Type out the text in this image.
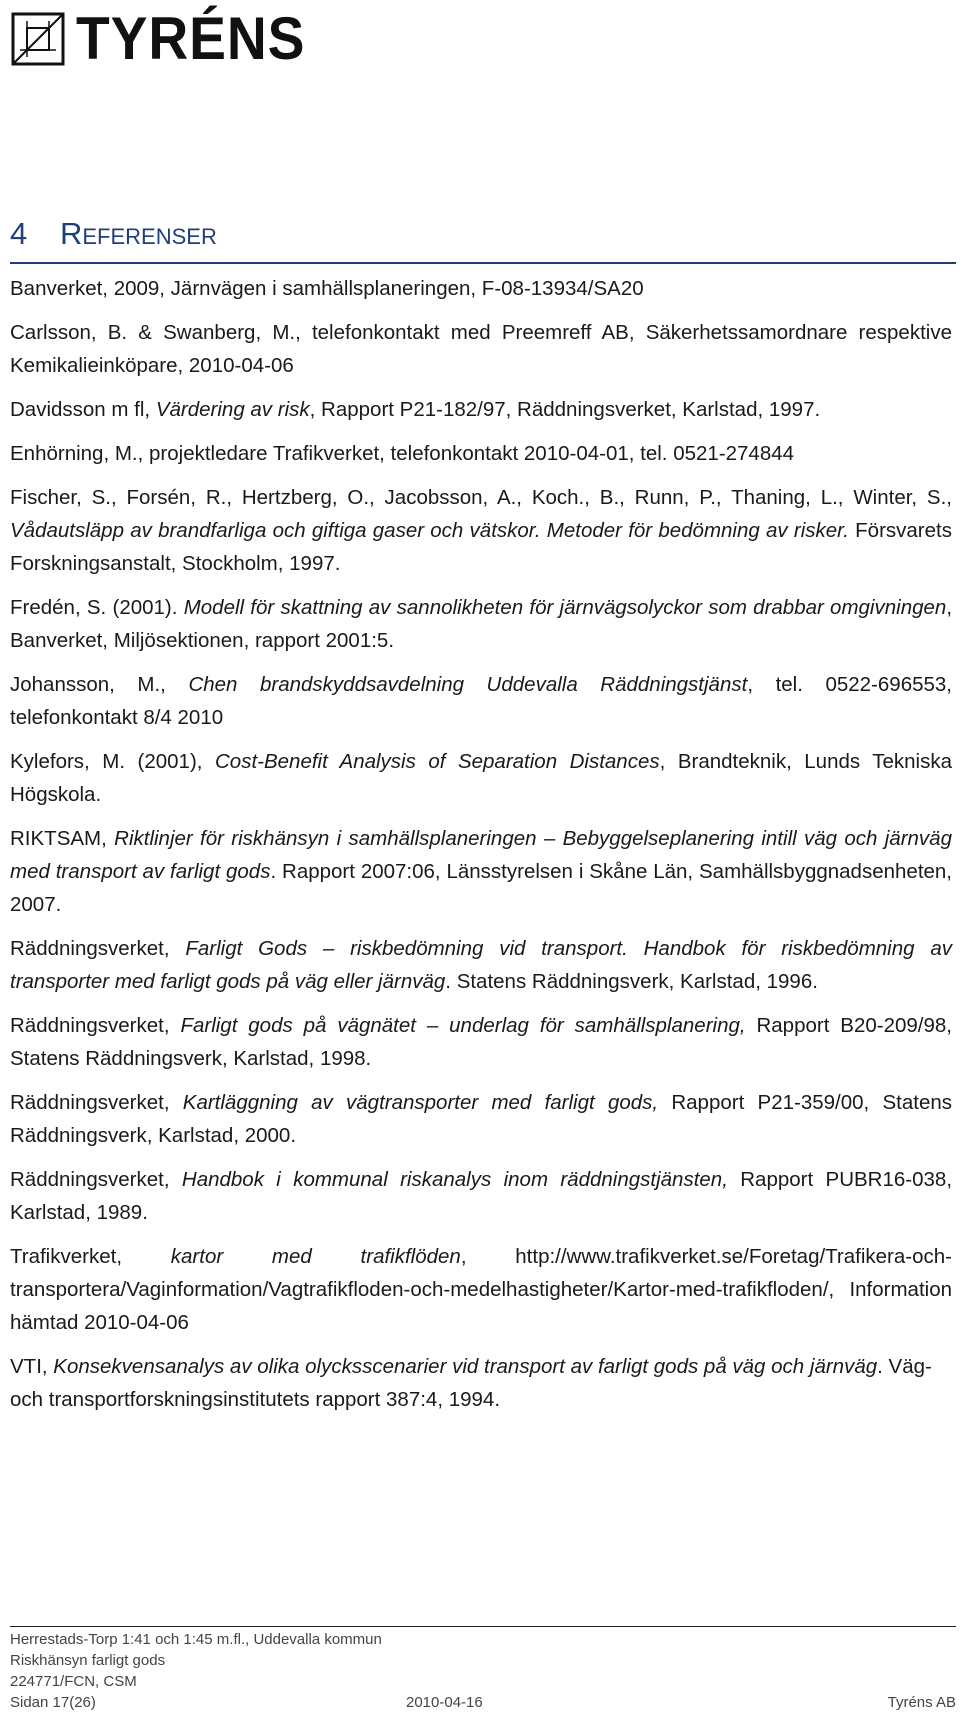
TYRÉNS
4 Referenser

Banverket, 2009, Järnvägen i samhällsplaneringen, F-08-13934/SA20

Carlsson, B. & Swanberg, M., telefonkontakt med Preemreff AB, Säkerhetssamordnare respektive Kemikalieinköpare, 2010-04-06

Davidsson m fl, Värdering av risk, Rapport P21-182/97, Räddningsverket, Karlstad, 1997.

Enhörning, M., projektledare Trafikverket, telefonkontakt 2010-04-01, tel. 0521-274844

Fischer, S., Forsén, R., Hertzberg, O., Jacobsson, A., Koch., B., Runn, P., Thaning, L., Winter, S., Vådautsläpp av brandfarliga och giftiga gaser och vätskor. Metoder för bedömning av risker. Försvarets Forskningsanstalt, Stockholm, 1997.

Fredén, S. (2001). Modell för skattning av sannolikheten för järnvägsolyckor som drabbar omgivningen, Banverket, Miljösektionen, rapport 2001:5.

Johansson, M., Chen brandskyddsavdelning Uddevalla Räddningstjänst, tel. 0522-696553, telefonkontakt 8/4 2010

Kylefors, M. (2001), Cost-Benefit Analysis of Separation Distances, Brandteknik, Lunds Tekniska Högskola.

RIKTSAM, Riktlinjer för riskhänsyn i samhällsplaneringen – Bebyggelseplanering intill väg och järnväg med transport av farligt gods. Rapport 2007:06, Länsstyrelsen i Skåne Län, Samhällsbyggnadsenheten, 2007.

Räddningsverket, Farligt Gods – riskbedömning vid transport. Handbok för riskbedömning av transporter med farligt gods på väg eller järnväg. Statens Räddningsverk, Karlstad, 1996.

Räddningsverket, Farligt gods på vägnätet – underlag för samhällsplanering, Rapport B20-209/98, Statens Räddningsverk, Karlstad, 1998.

Räddningsverket, Kartläggning av vägtransporter med farligt gods, Rapport P21-359/00, Statens Räddningsverk, Karlstad, 2000.

Räddningsverket, Handbok i kommunal riskanalys inom räddningstjänsten, Rapport PUBR16-038, Karlstad, 1989.

Trafikverket, kartor med trafikflöden, http://www.trafikverket.se/Foretag/Trafikera-och-transportera/Vaginformation/Vagtrafikfloden-och-medelhastigheter/Kartor-med-trafikfloden/, Information hämtad 2010-04-06

VTI, Konsekvensanalys av olika olycksscenarier vid transport av farligt gods på väg och järnväg. Väg- och transportforskningsinstitutets rapport 387:4, 1994.

Herrestads-Torp 1:41 och 1:45 m.fl., Uddevalla kommun
Riskhänsyn farligt gods
224771/FCN, CSM
Sidan 17(26)	2010-04-16	Tyréns AB
